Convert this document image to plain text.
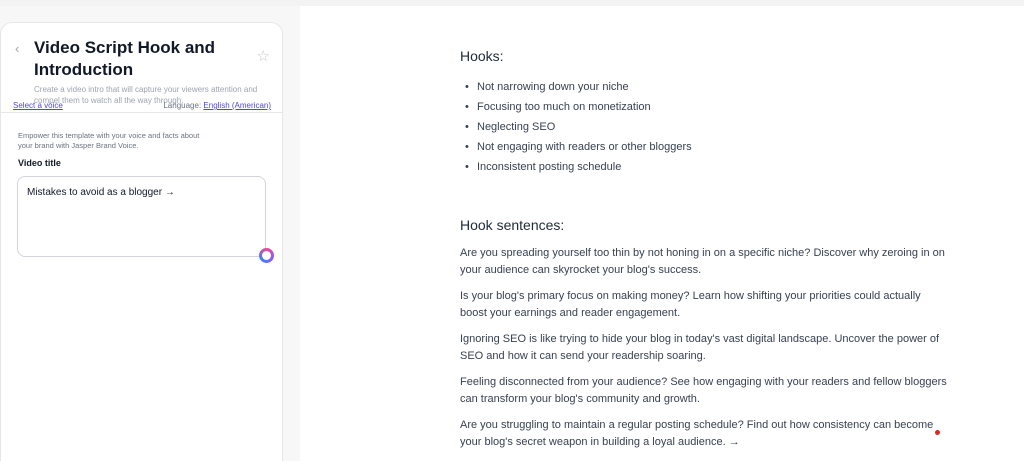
‹ Video Script Hook and Introduction
Create a video intro that will capture your viewers attention and compel them to watch all the way through.
☆
Select a voice	Language: English (American)
Empower this template with your voice and facts about your brand with Jasper Brand Voice.
Video title
Mistakes to avoid as a blogger →
Hooks:
• Not narrowing down your niche
• Focusing too much on monetization
• Neglecting SEO
• Not engaging with readers or other bloggers
• Inconsistent posting schedule
Hook sentences:

Are you spreading yourself too thin by not honing in on a specific niche? Discover why zeroing in on your audience can skyrocket your blog's success.

Is your blog's primary focus on making money? Learn how shifting your priorities could actually boost your earnings and reader engagement.

Ignoring SEO is like trying to hide your blog in today's vast digital landscape. Uncover the power of SEO and how it can send your readership soaring.

Feeling disconnected from your audience? See how engaging with your readers and fellow bloggers can transform your blog's community and growth.

Are you struggling to maintain a regular posting schedule? Find out how consistency can become your blog's secret weapon in building a loyal audience. →
